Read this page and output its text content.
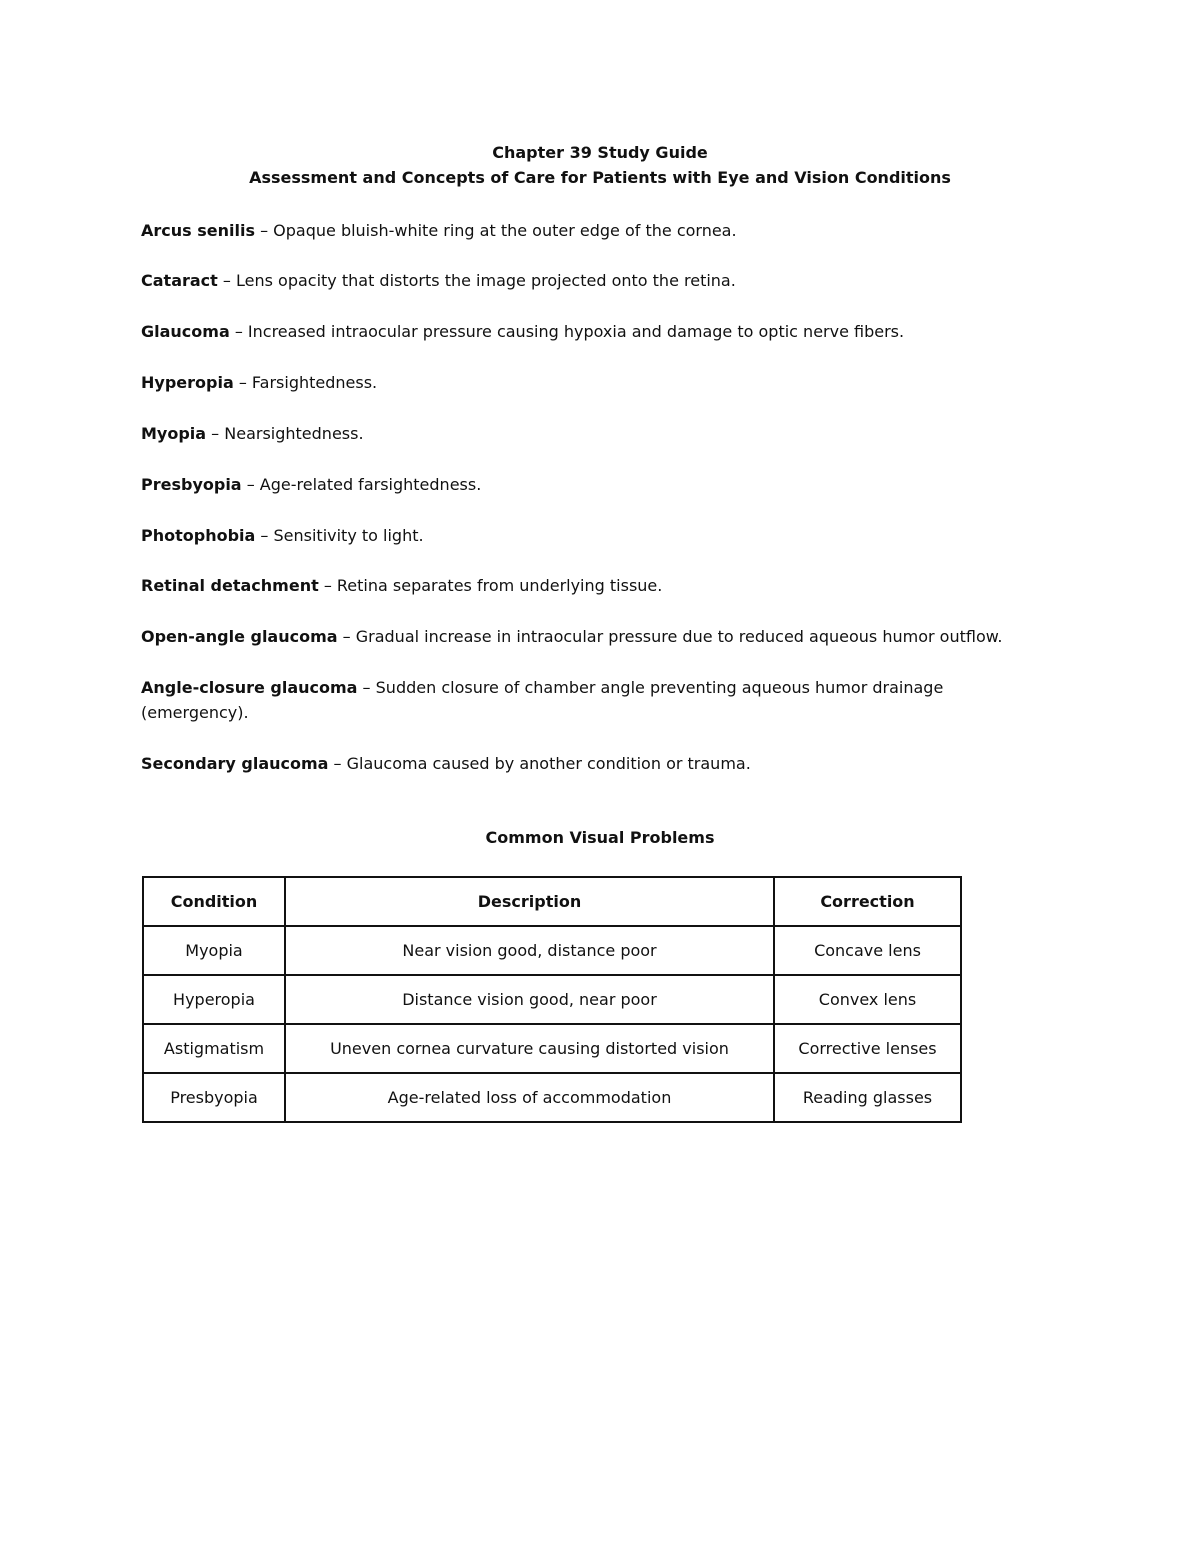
Chapter 39 Study Guide
Assessment and Concepts of Care for Patients with Eye and Vision Conditions
Arcus senilis – Opaque bluish-white ring at the outer edge of the cornea.
Cataract – Lens opacity that distorts the image projected onto the retina.
Glaucoma – Increased intraocular pressure causing hypoxia and damage to optic nerve fibers.
Hyperopia – Farsightedness.
Myopia – Nearsightedness.
Presbyopia – Age-related farsightedness.
Photophobia – Sensitivity to light.
Retinal detachment – Retina separates from underlying tissue.
Open-angle glaucoma – Gradual increase in intraocular pressure due to reduced aqueous humor outflow.
Angle-closure glaucoma – Sudden closure of chamber angle preventing aqueous humor drainage (emergency).
Secondary glaucoma – Glaucoma caused by another condition or trauma.
Common Visual Problems
Condition	Description	Correction
Myopia	Near vision good, distance poor	Concave lens
Hyperopia	Distance vision good, near poor	Convex lens
Astigmatism	Uneven cornea curvature causing distorted vision	Corrective lenses
Presbyopia	Age-related loss of accommodation	Reading glasses
